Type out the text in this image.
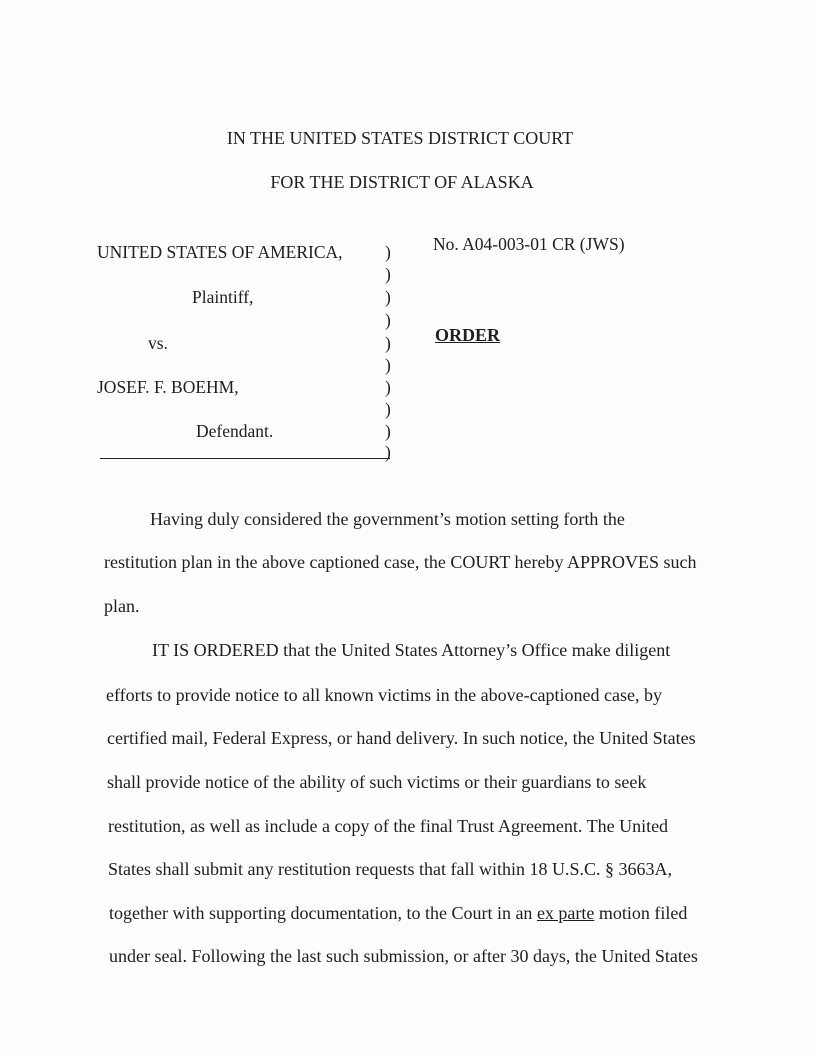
IN THE UNITED STATES DISTRICT COURT
FOR THE DISTRICT OF ALASKA
UNITED STATES OF AMERICA,
Plaintiff,
vs.
JOSEF. F. BOEHM,
Defendant.
)
)
)
)
)
)
)
)
)
)
No. A04-003-01 CR (JWS)
ORDER
Having duly considered the government’s motion setting forth the
restitution plan in the above captioned case, the COURT hereby APPROVES such
plan.
IT IS ORDERED that the United States Attorney’s Office make diligent
efforts to provide notice to all known victims in the above-captioned case, by
certified mail, Federal Express, or hand delivery. In such notice, the United States
shall provide notice of the ability of such victims or their guardians to seek
restitution, as well as include a copy of the final Trust Agreement. The United
States shall submit any restitution requests that fall within 18 U.S.C. § 3663A,
together with supporting documentation, to the Court in an ex parte motion filed
under seal. Following the last such submission, or after 30 days, the United States
